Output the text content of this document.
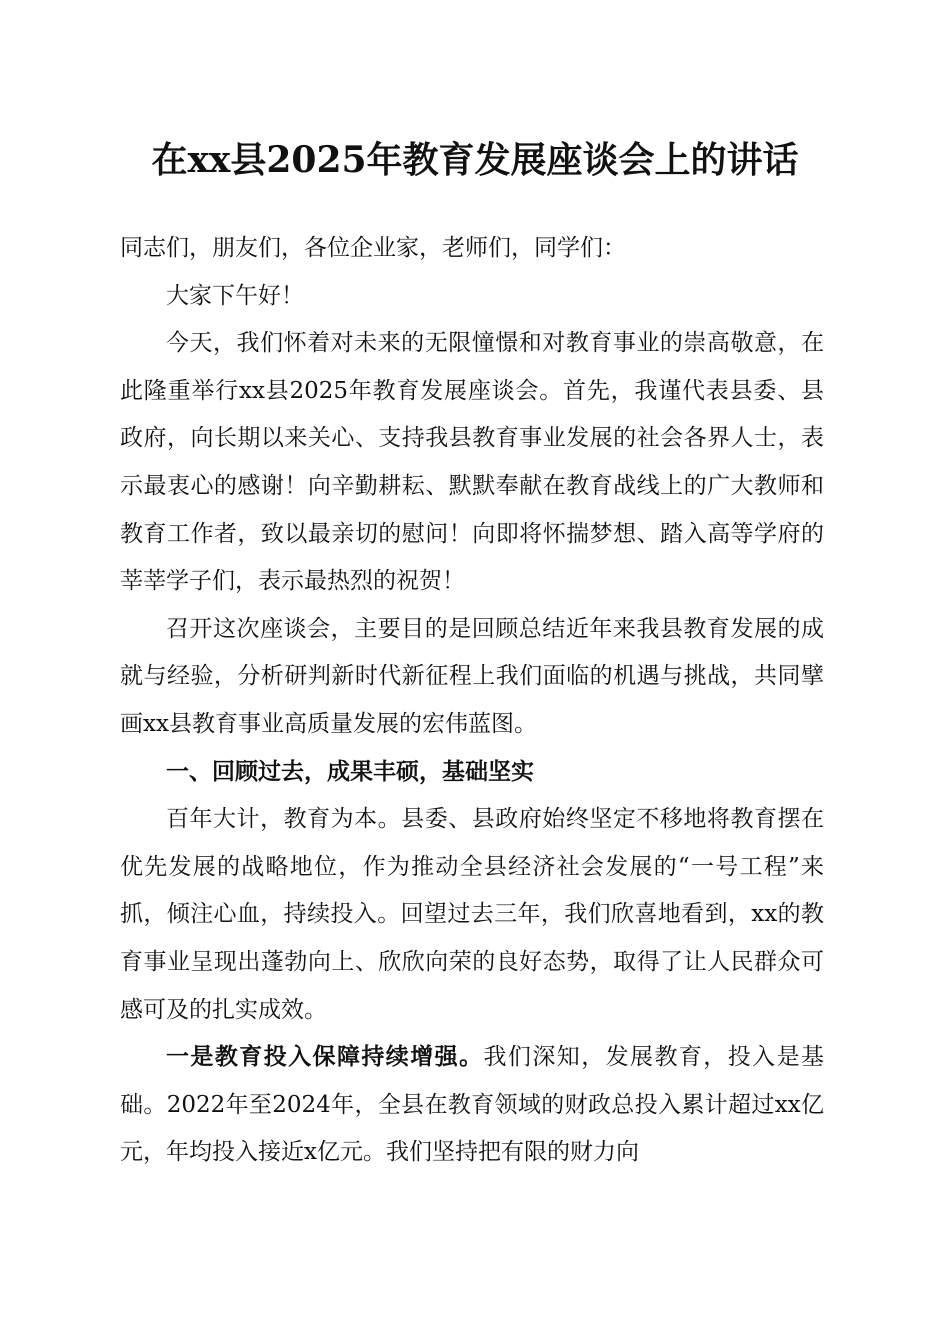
在xx县2025年教育发展座谈会上的讲话

同志们，朋友们，各位企业家，老师们，同学们：

大家下午好！

今天，我们怀着对未来的无限憧憬和对教育事业的崇高敬意，在此隆重举行xx县2025年教育发展座谈会。首先，我谨代表县委、县政府，向长期以来关心、支持我县教育事业发展的社会各界人士，表示最衷心的感谢！向辛勤耕耘、默默奉献在教育战线上的广大教师和教育工作者，致以最亲切的慰问！向即将怀揣梦想、踏入高等学府的莘莘学子们，表示最热烈的祝贺！

召开这次座谈会，主要目的是回顾总结近年来我县教育发展的成就与经验，分析研判新时代新征程上我们面临的机遇与挑战，共同擘画xx县教育事业高质量发展的宏伟蓝图。

一、回顾过去，成果丰硕，基础坚实

百年大计，教育为本。县委、县政府始终坚定不移地将教育摆在优先发展的战略地位，作为推动全县经济社会发展的“一号工程”来抓，倾注心血，持续投入。回望过去三年，我们欣喜地看到，xx的教育事业呈现出蓬勃向上、欣欣向荣的良好态势，取得了让人民群众可感可及的扎实成效。

一是教育投入保障持续增强。我们深知，发展教育，投入是基础。2022年至2024年，全县在教育领域的财政总投入累计超过xx亿元，年均投入接近x亿元。我们坚持把有限的财力向
